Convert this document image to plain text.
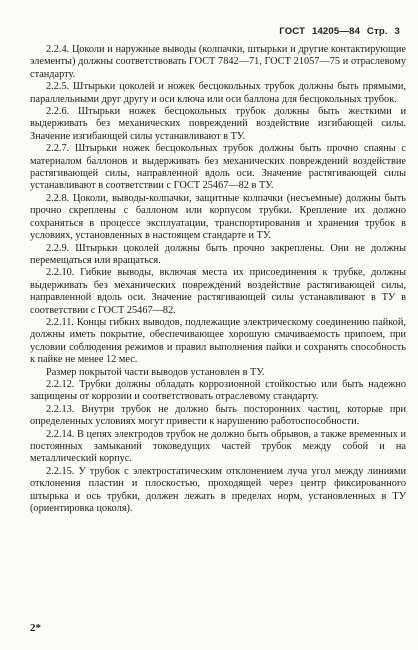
ГОСТ 14205—84 Стр. 3

2.2.4. Цоколи и наружные выводы (колпачки, штырьки и другие контактирующие элементы) должны соответствовать ГОСТ 7842—71, ГОСТ 21057—75 и отраслевому стандарту.

2.2.5. Штырьки цоколей и ножек бесцокольных трубок должны быть прямыми, параллельными друг другу и оси ключа или оси баллона для бесцокольных трубок.

2.2.6. Штырьки ножек бесцокольных трубок должны быть жесткими и выдерживать без механических повреждений воздействие изгибающей силы. Значение изгибающей силы устанавливают в ТУ.

2.2.7. Штырьки ножек бесцокольных трубок должны быть прочно спаяны с материалом баллонов и выдерживать без механических повреждений воздействие растягивающей силы, направленной вдоль оси. Значение растягивающей силы устанавливают в соответствии с ГОСТ 25467—82 в ТУ.

2.2.8. Цоколи, выводы-колпачки, защитные колпачки (несъемные) должны быть прочно скреплены с баллоном или корпусом трубки. Крепление их должно сохраняться в процессе эксплуатации, транспортирования и хранения трубок в условиях, установленных в настоящем стандарте и ТУ.

2.2.9. Штырьки цоколей должны быть прочно закреплены. Они не должны перемещаться или вращаться.

2.2.10. Гибкие выводы, включая места их присоединения к трубке, должны выдерживать без механических повреждений воздействие растягивающей силы, направленной вдоль оси. Значение растягивающей силы устанавливают в ТУ в соответствии с ГОСТ 25467—82.

2.2.11. Концы гибких выводов, подлежащие электрическому соединению пайкой, должны иметь покрытие, обеспечивающее хорошую смачиваемость припоем, при условии соблюдения режимов и правил выполнения пайки и сохранять способность к пайке не менее 12 мес.

Размер покрытой части выводов установлен в ТУ.

2.2.12. Трубки должны обладать коррозионной стойкостью или быть надежно защищены от коррозии и соответствовать отраслевому стандарту.

2.2.13. Внутри трубок не должно быть посторонних частиц, которые при определенных условиях могут привести к нарушению работоспособности.

2.2.14. В цепях электродов трубок не должно быть обрывов, а также временных и постоянных замыканий токоведущих частей трубок между собой и на металлический корпус.

2.2.15. У трубок с электростатическим отклонением луча угол между линиями отклонения пластин и плоскостью, проходящей через центр фиксированного штырька и ось трубки, должен лежать в пределах норм, установленных в ТУ (ориентировка цоколя).

2*
